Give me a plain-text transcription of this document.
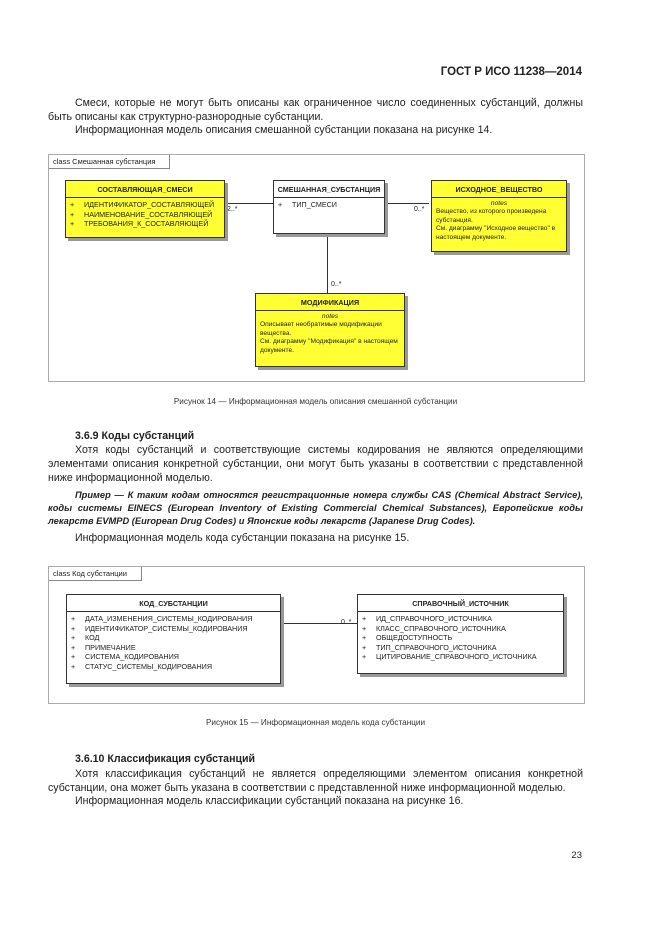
ГОСТ Р ИСО 11238—2014
Смеси, которые не могут быть описаны как ограниченное число соединенных субстанций, должны быть описаны как структурно-разнородные субстанции.
Информационная модель описания смешанной субстанции показана на рисунке 14.
class Смешанная субстанция
2..*	0..*
0..*
СОСТАВЛЯЮЩАЯ_СМЕСИ
+ ИДЕНТИФИКАТОР_СОСТАВЛЯЮЩЕЙ
+ НАИМЕНОВАНИЕ_СОСТАВЛЯЮЩЕЙ
+ ТРЕБОВАНИЯ_К_СОСТАВЛЯЮЩЕЙ
СМЕШАННАЯ_СУБСТАНЦИЯ
+ ТИП_СМЕСИ
ИСХОДНОЕ_ВЕЩЕСТВО
notes
Вещество, из которого произведена субстанция.
См. диаграмму "Исходное вещество" в настоящем документе.
МОДИФИКАЦИЯ
notes
Описывает необратимые модификации вещества.
См. диаграмму "Модификация" в настоящем документе.
Рисунок 14 — Информационная модель описания смешанной субстанции
3.6.9 Коды субстанций
Хотя коды субстанций и соответствующие системы кодирования не являются определяющими элементами описания конкретной субстанции, они могут быть указаны в соответствии с представленной ниже информационной моделью.
Пример — К таким кодам относятся регистрационные номера службы CAS (Chemical Abstract Service), коды системы EINECS (European Inventory of Existing Commercial Chemical Substances), Европейские коды лекарств EVMPD (European Drug Codes) и Японские коды лекарств (Japanese Drug Codes).
Информационная модель кода субстанции показана на рисунке 15.
class Код субстанции
0..*
КОД_СУБСТАНЦИИ
+ ДАТА_ИЗМЕНЕНИЯ_СИСТЕМЫ_КОДИРОВАНИЯ
+ ИДЕНТИФИКАТОР_СИСТЕМЫ_КОДИРОВАНИЯ
+ КОД
+ ПРИМЕЧАНИЕ
+ СИСТЕМА_КОДИРОВАНИЯ
+ СТАТУС_СИСТЕМЫ_КОДИРОВАНИЯ
СПРАВОЧНЫЙ_ИСТОЧНИК
+ ИД_СПРАВОЧНОГО_ИСТОЧНИКА
+ КЛАСС_СПРАВОЧНОГО_ИСТОЧНИКА
+ ОБЩЕДОСТУПНОСТЬ
+ ТИП_СПРАВОЧНОГО_ИСТОЧНИКА
+ ЦИТИРОВАНИЕ_СПРАВОЧНОГО_ИСТОЧНИКА
Рисунок 15 — Информационная модель кода субстанции
3.6.10 Классификация субстанций
Хотя классификация субстанций не является определяющими элементом описания конкретной субстанции, она может быть указана в соответствии с представленной ниже информационной моделью.
Информационная модель классификации субстанций показана на рисунке 16.
23
